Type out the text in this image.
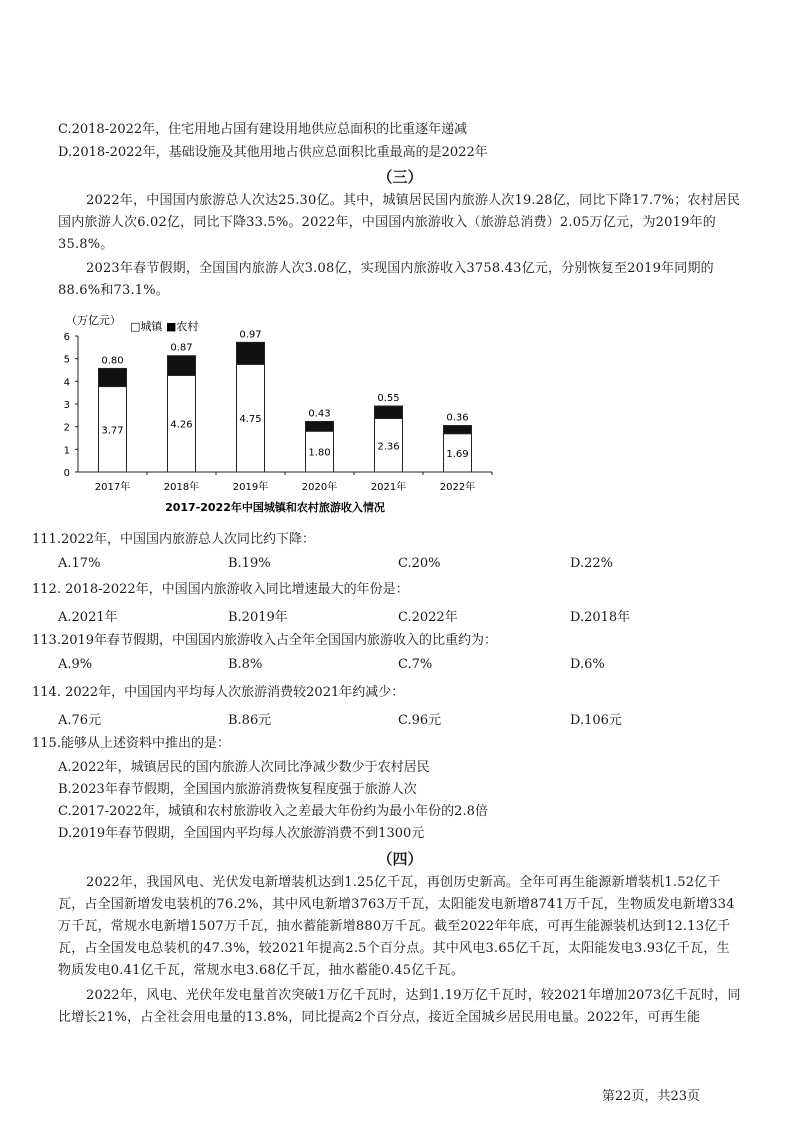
C.2018-2022年，住宅用地占国有建设用地供应总面积的比重逐年递减
D.2018-2022年，基础设施及其他用地占供应总面积比重最高的是2022年
（三）
2022年，中国国内旅游总人次达25.30亿。其中，城镇居民国内旅游人次19.28亿，同比下降17.7%；农村居民国内旅游人次6.02亿，同比下降33.5%。2022年，中国国内旅游收入（旅游总消费）2.05万亿元，为2019年的35.8%。
2023年春节假期，全国国内旅游人次3.08亿，实现国内旅游收入3758.43亿元，分别恢复至2019年同期的88.6%和73.1%。
（万亿元） □城镇 ■农村
0
1
2
3
4
5
6
2017年	2018年	2019年	2020年	2021年	2022年
3.77
0.80
4.26
0.87
4.75
0.97
1.80
0.43
2.36
0.55
1.69
0.36
2017-2022年中国城镇和农村旅游收入情况
111.2022年，中国国内旅游总人次同比约下降：
A.17%	B.19%	C.20%	D.22%
112. 2018-2022年，中国国内旅游收入同比增速最大的年份是：
A.2021年	B.2019年	C.2022年	D.2018年
113.2019年春节假期，中国国内旅游收入占全年全国国内旅游收入的比重约为：
A.9%	B.8%	C.7%	D.6%
114. 2022年，中国国内平均每人次旅游消费较2021年约减少：
A.76元	B.86元	C.96元	D.106元
115.能够从上述资料中推出的是：
A.2022年，城镇居民的国内旅游人次同比净减少数少于农村居民
B.2023年春节假期，全国国内旅游消费恢复程度强于旅游人次
C.2017-2022年，城镇和农村旅游收入之差最大年份约为最小年份的2.8倍
D.2019年春节假期，全国国内平均每人次旅游消费不到1300元
（四）
2022年，我国风电、光伏发电新增装机达到1.25亿千瓦，再创历史新高。全年可再生能源新增装机1.52亿千瓦，占全国新增发电装机的76.2%，其中风电新增3763万千瓦，太阳能发电新增8741万千瓦，生物质发电新增334万千瓦，常规水电新增1507万千瓦，抽水蓄能新增880万千瓦。截至2022年年底，可再生能源装机达到12.13亿千瓦，占全国发电总装机的47.3%，较2021年提高2.5个百分点。其中风电3.65亿千瓦，太阳能发电3.93亿千瓦，生物质发电0.41亿千瓦，常规水电3.68亿千瓦，抽水蓄能0.45亿千瓦。
2022年，风电、光伏年发电量首次突破1万亿千瓦时，达到1.19万亿千瓦时，较2021年增加2073亿千瓦时，同比增长21%，占全社会用电量的13.8%，同比提高2个百分点，接近全国城乡居民用电量。2022年，可再生能
第22页，共23页
